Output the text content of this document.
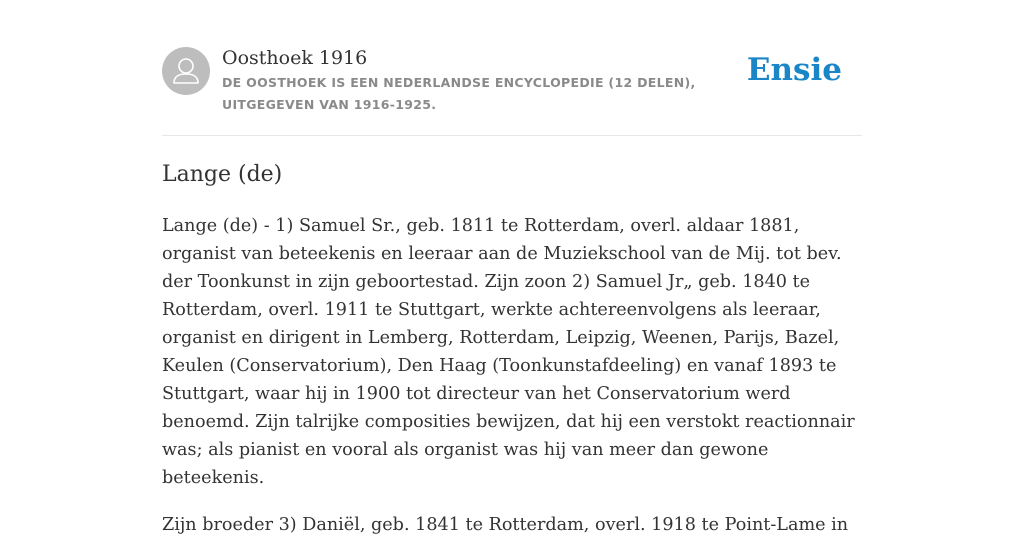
Oosthoek 1916
DE OOSTHOEK IS EEN NEDERLANDSE ENCYCLOPEDIE (12 DELEN), UITGEGEVEN VAN 1916-1925.
Ensie
Lange (de)

Lange (de) - 1) Samuel Sr., geb. 1811 te Rotterdam, overl. aldaar 1881, organist van beteekenis en leeraar aan de Muziekschool van de Mij. tot bev. der Toonkunst in zijn geboortestad. Zijn zoon 2) Samuel Jr„ geb. 1840 te Rotterdam, overl. 1911 te Stuttgart, werkte achtereenvolgens als leeraar, organist en dirigent in Lemberg, Rotterdam, Leipzig, Weenen, Parijs, Bazel, Keulen (Conservatorium), Den Haag (Toonkunstafdeeling) en vanaf 1893 te Stuttgart, waar hij in 1900 tot directeur van het Conservatorium werd benoemd. Zijn talrijke composities bewijzen, dat hij een verstokt reactionnair was; als pianist en vooral als organist was hij van meer dan gewone beteekenis.

Zijn broeder 3) Daniël, geb. 1841 te Rotterdam, overl. 1918 te Point-Lame in
